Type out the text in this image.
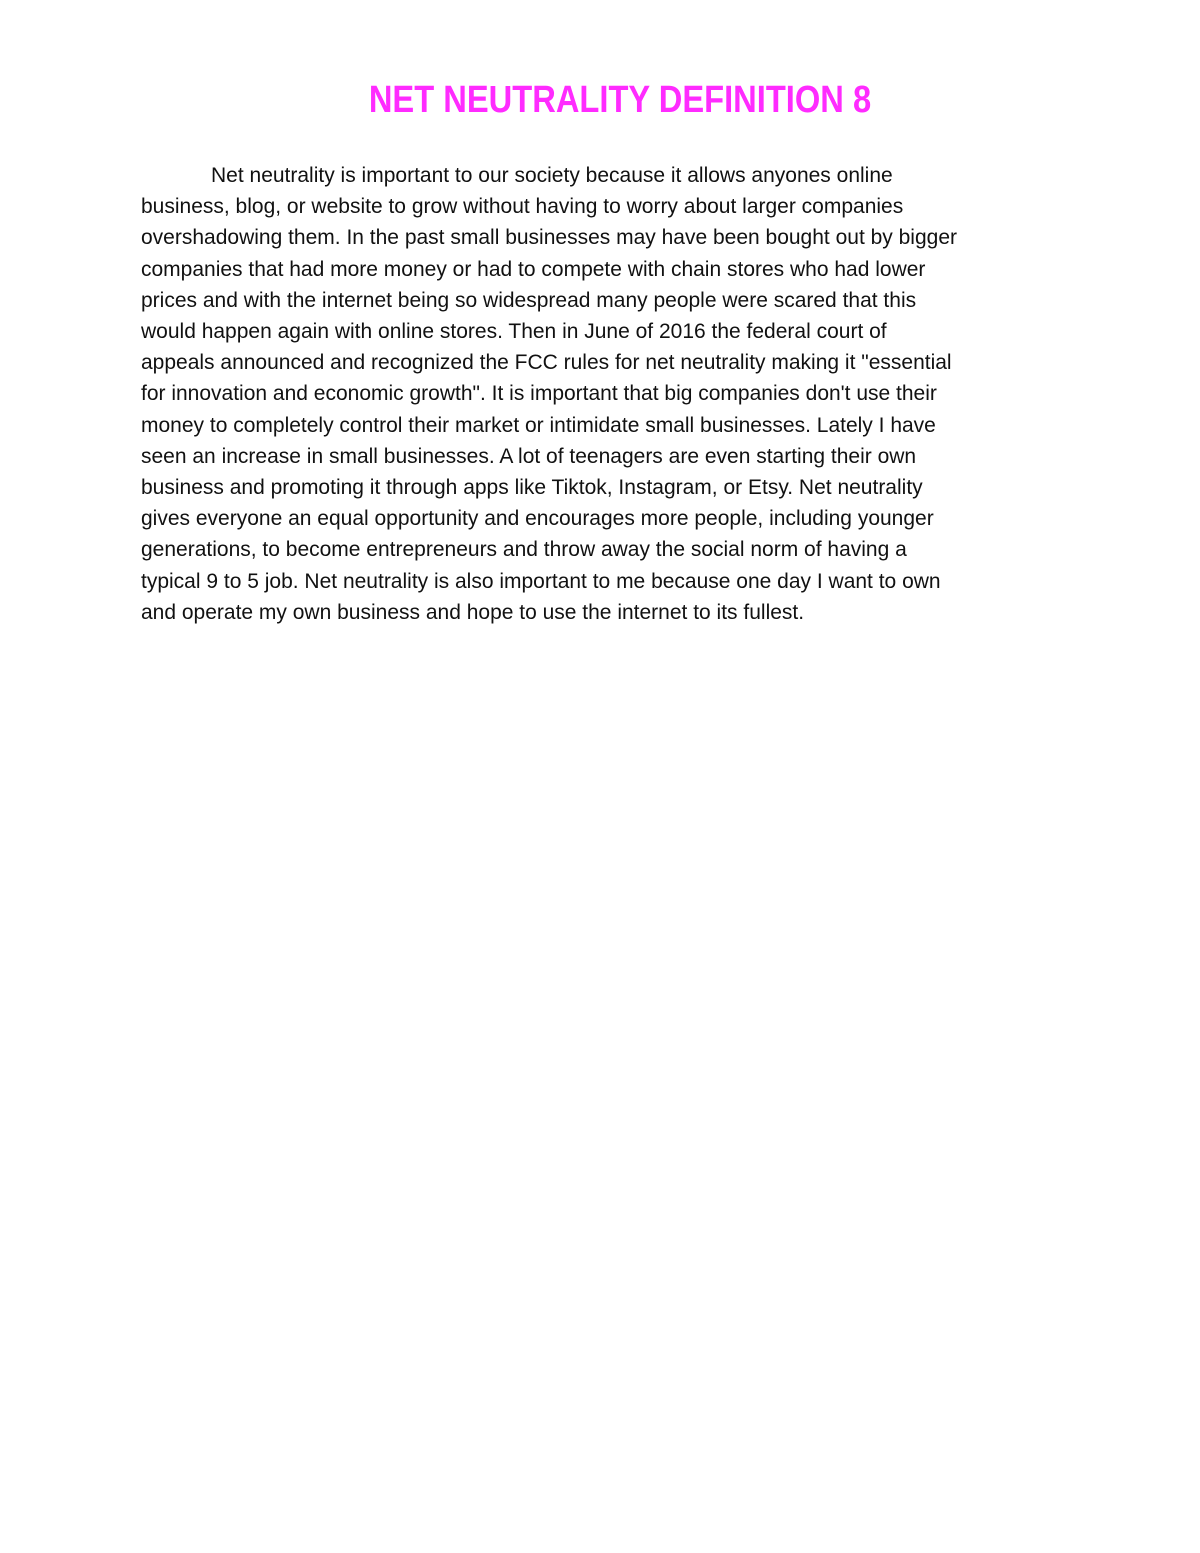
NET NEUTRALITY DEFINITION 8
Net neutrality is important to our society because it allows anyones online
business, blog, or website to grow without having to worry about larger companies
overshadowing them. In the past small businesses may have been bought out by bigger
companies that had more money or had to compete with chain stores who had lower
prices and with the internet being so widespread many people were scared that this
would happen again with online stores. Then in June of 2016 the federal court of
appeals announced and recognized the FCC rules for net neutrality making it "essential
for innovation and economic growth". It is important that big companies don't use their
money to completely control their market or intimidate small businesses. Lately I have
seen an increase in small businesses. A lot of teenagers are even starting their own
business and promoting it through apps like Tiktok, Instagram, or Etsy. Net neutrality
gives everyone an equal opportunity and encourages more people, including younger
generations, to become entrepreneurs and throw away the social norm of having a
typical 9 to 5 job. Net neutrality is also important to me because one day I want to own
and operate my own business and hope to use the internet to its fullest.
